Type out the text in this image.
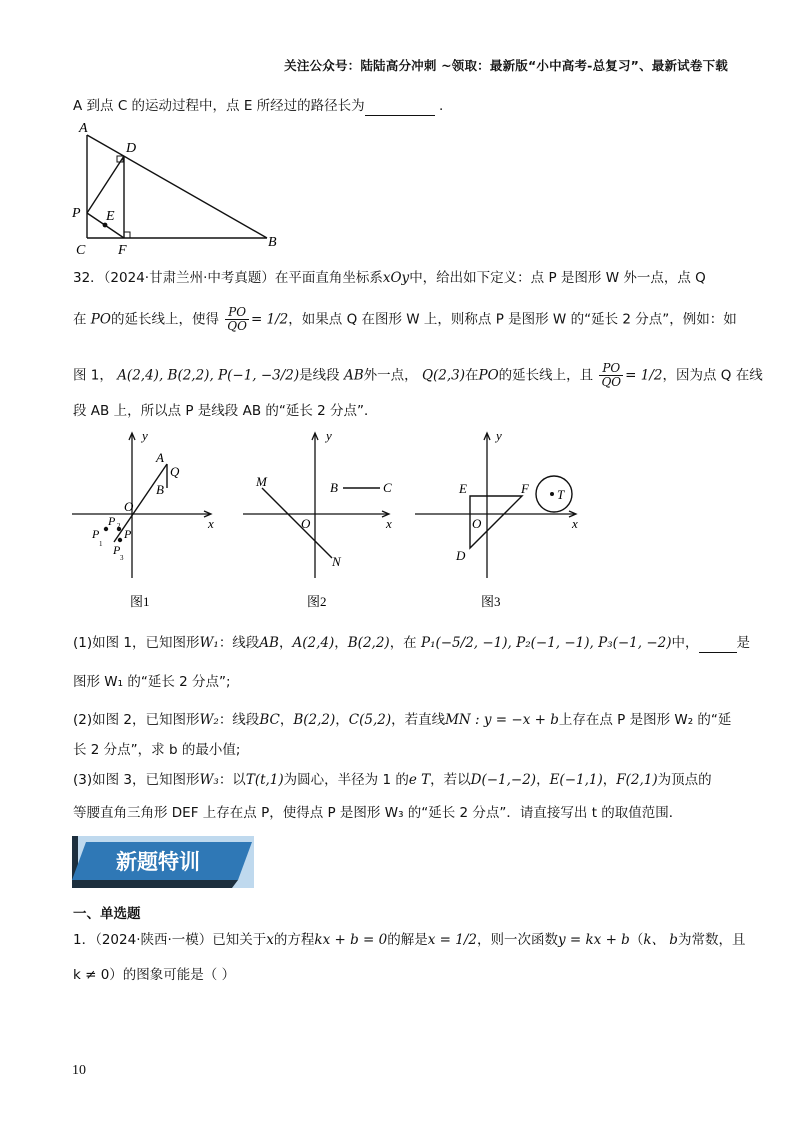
关注公众号：陆陆高分冲刺 ~领取：最新版“小中高考-总复习”、最新试卷下载
A 到点 C 的运动过程中，点 E 所经过的路径长为	.
A
D
P E
C F
B
32．（2024·甘肃兰州·中考真题）在平面直角坐标系xOy中，给出如下定义：点 P 是图形 W 外一点，点 Q
在 PO的延长线上，使得 $\frac{PO}{QO} = 1/2$，如果点 Q 在图形 W 上，则称点 P 是图形 W 的“延长 2 分点”，例如：如
图 1， A(2,4), B(2,2), P(−1, −3/2)是线段 AB外一点， Q(2,3)在PO的延长线上，且 $\frac{PO}{QO} = 1/2$，因为点 Q 在线
段 AB 上，所以点 P 是线段 AB 的“延长 2 分点”．
y
A
Q
B
O
x
P 2
P
1
P
P
3
图1
y
M	B	C
O	x
N
图2
y
E	F T
O	x
D
图3
(1)如图 1，已知图形W₁：线段AB，A(2,4)，B(2,2)，在 P₁(−5/2, −1), P₂(−1, −1), P₃(−1, −2)中，	是
图形 W₁ 的“延长 2 分点”;
(2)如图 2，已知图形W₂：线段BC，B(2,2)，C(5,2)，若直线MN : y = −x + b上存在点 P 是图形 W₂ 的“延
长 2 分点”，求 b 的最小值;
(3)如图 3，已知图形W₃：以T(t,1)为圆心，半径为 1 的e T，若以D(−1,−2)，E(−1,1)，F(2,1)为顶点的
等腰直角三角形 DEF 上存在点 P，使得点 P 是图形 W₃ 的“延长 2 分点”．请直接写出 t 的取值范围．
新题特训
一、单选题
1．（2024·陕西·一模）已知关于x的方程kx + b = 0的解是x = 1/2，则一次函数y = kx + b（k、 b为常数，且
k ≠ 0）的图象可能是（ ）
10
